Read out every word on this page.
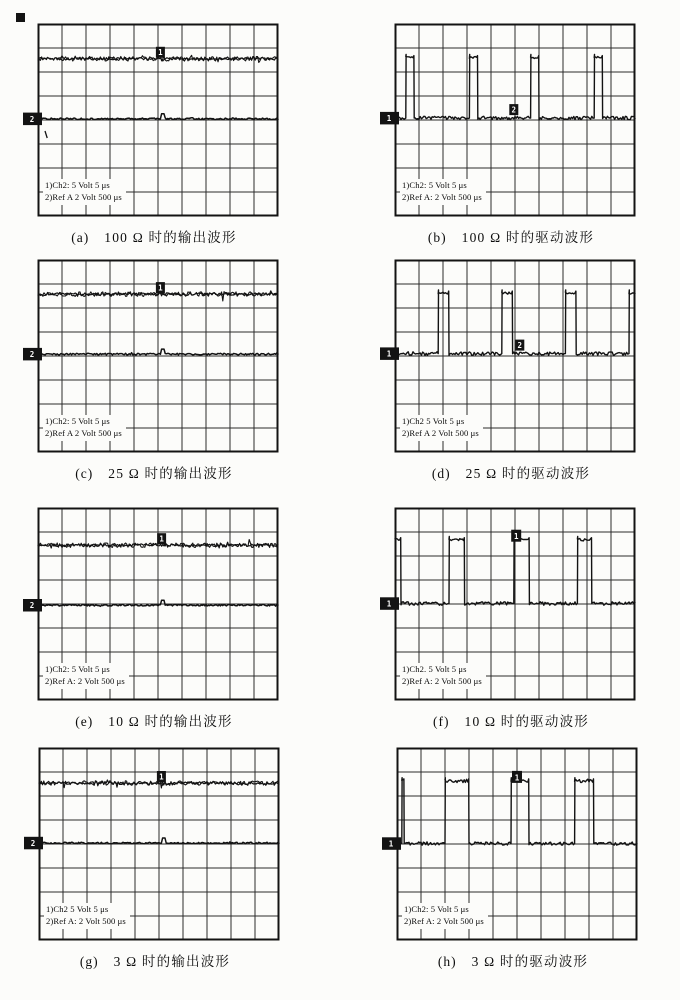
1
2
1)Ch2: 5 Volt 5 μs
2)Ref A 2 Volt 500 μs
(a) 100 Ω 时的输出波形
1
2
1)Ch2: 5 Volt 5 μs
2)Ref A: 2 Volt 500 μs
(b) 100 Ω 时的驱动波形
1
2
1)Ch2: 5 Volt 5 μs
2)Ref A 2 Volt 500 μs
(c) 25 Ω 时的输出波形
1
2
1)Ch2 5 Volt 5 μs
2)Ref A 2 Volt 500 μs
(d) 25 Ω 时的驱动波形
1
2
1)Ch2: 5 Volt 5 μs
2)Ref A: 2 Volt 500 μs
(e) 10 Ω 时的输出波形
1
1
1)Ch2. 5 Volt 5 μs
2)Ref A: 2 Volt 500 μs
(f) 10 Ω 时的驱动波形
1
2
1)Ch2 5 Volt 5 μs
2)Ref A: 2 Volt 500 μs
(g) 3 Ω 时的输出波形
1
1
1)Ch2: 5 Volt 5 μs
2)Ref A: 2 Volt 500 μs
(h) 3 Ω 时的驱动波形
